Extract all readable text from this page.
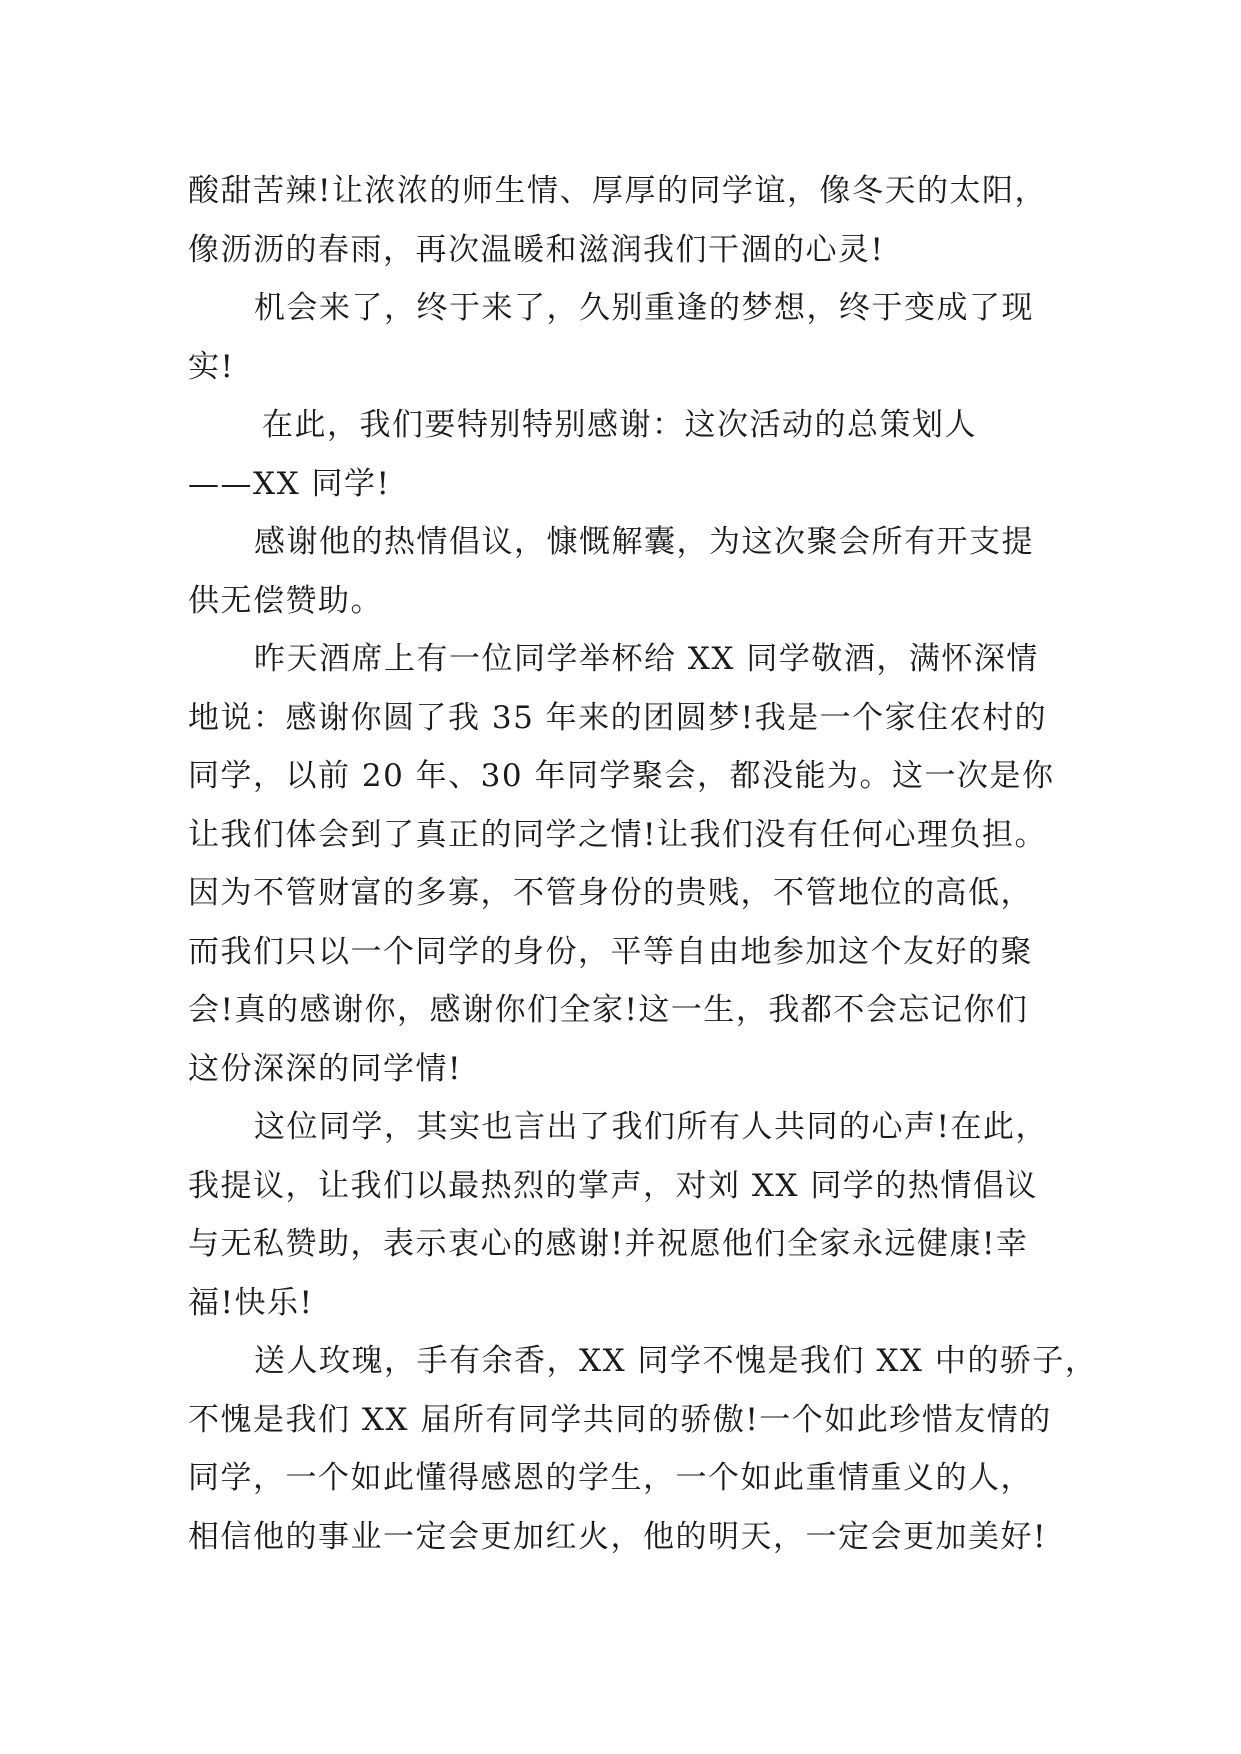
酸甜苦辣!让浓浓的师生情、厚厚的同学谊，像冬天的太阳，
像沥沥的春雨，再次温暖和滋润我们干涸的心灵!
机会来了，终于来了，久别重逢的梦想，终于变成了现
实!
在此，我们要特别特别感谢：这次活动的总策划人
——XX 同学!
感谢他的热情倡议，慷慨解囊，为这次聚会所有开支提
供无偿赞助。
昨天酒席上有一位同学举杯给 XX 同学敬酒，满怀深情
地说：感谢你圆了我 35 年来的团圆梦!我是一个家住农村的
同学，以前 20 年、30 年同学聚会，都没能为。这一次是你
让我们体会到了真正的同学之情!让我们没有任何心理负担。
因为不管财富的多寡，不管身份的贵贱，不管地位的高低，
而我们只以一个同学的身份，平等自由地参加这个友好的聚
会!真的感谢你，感谢你们全家!这一生，我都不会忘记你们
这份深深的同学情!
这位同学，其实也言出了我们所有人共同的心声!在此，
我提议，让我们以最热烈的掌声，对刘 XX 同学的热情倡议
与无私赞助，表示衷心的感谢!并祝愿他们全家永远健康!幸
福!快乐!
送人玫瑰，手有余香，XX 同学不愧是我们 XX 中的骄子，
不愧是我们 XX 届所有同学共同的骄傲!一个如此珍惜友情的
同学，一个如此懂得感恩的学生，一个如此重情重义的人，
相信他的事业一定会更加红火，他的明天，一定会更加美好!
